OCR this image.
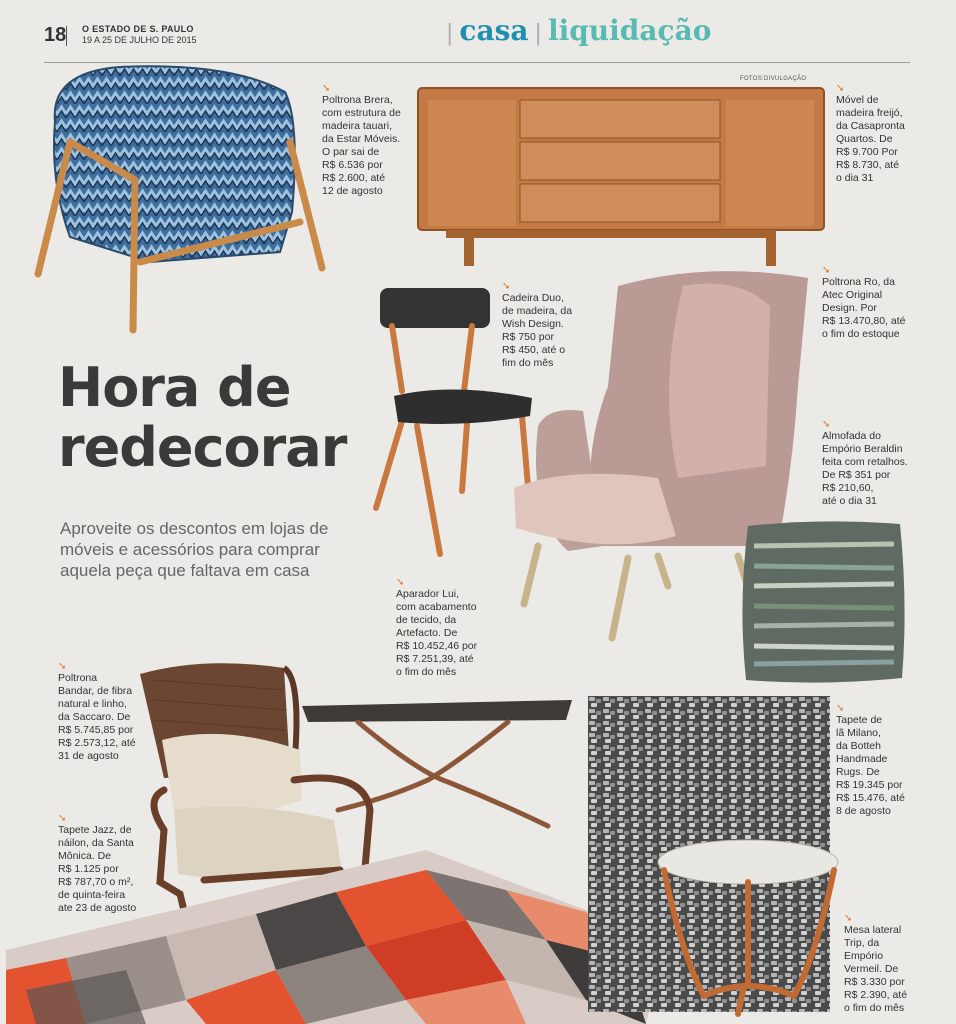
18 O ESTADO DE S. PAULO
19 A 25 DE JULHO DE 2015	| casa | liquidação
FOTOS:DIVULGAÇÃO
Hora de redecorar
Aproveite os descontos em lojas de móveis e acessórios para comprar aquela peça que faltava em casa
➘
Poltrona Brera,
com estrutura de
madeira tauari,
da Estar Móveis.
O par sai de
R$ 6.536 por
R$ 2.600, até
12 de agosto
➘
Móvel de
madeira freijó,
da Casapronta
Quartos. De
R$ 9.700 Por
R$ 8.730, até
o dia 31
➘
Cadeira Duo,
de madeira, da
Wish Design.
R$ 750 por
R$ 450, até o
fim do mês
➘
Poltrona Ro, da
Atec Original
Design. Por
R$ 13.470,80, até
o fim do estoque
➘
Almofada do
Empório Beraldin
feita com retalhos.
De R$ 351 por
R$ 210,60,
até o dia 31
➘
Aparador Lui,
com acabamento
de tecido, da
Artefacto. De
R$ 10.452,46 por
R$ 7.251,39, até
o fim do mês
➘
Poltrona
Bandar, de fibra
natural e linho,
da Saccaro. De
R$ 5.745,85 por
R$ 2.573,12, até
31 de agosto
➘
Tapete de
lã Milano,
da Botteh
Handmade
Rugs. De
R$ 19.345 por
R$ 15.476, até
8 de agosto
➘
Tapete Jazz, de
náilon, da Santa
Mônica. De
R$ 1.125 por
R$ 787,70 o m²,
de quinta-feira
ate 23 de agosto
➘
Mesa lateral
Trip, da
Empório
Vermeil. De
R$ 3.330 por
R$ 2.390, até
o fim do mês
